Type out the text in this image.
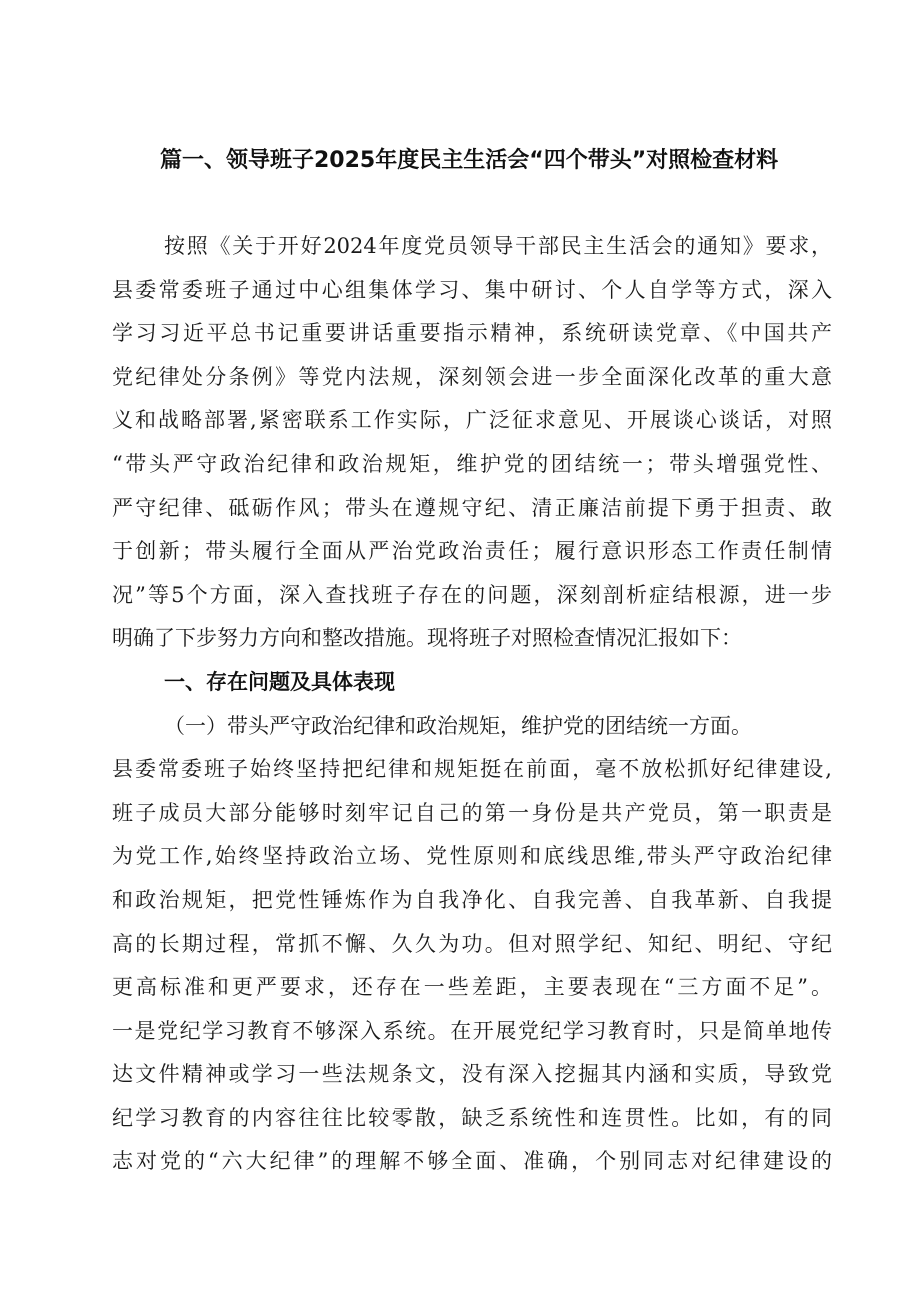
篇一、领导班子2025年度民主生活会“四个带头”对照检查材料
按照《关于开好2024年度党员领导干部民主生活会的通知》要求，
县委常委班子通过中心组集体学习、集中研讨、个人自学等方式，深入
学习习近平总书记重要讲话重要指示精神，系统研读党章、《中国共产
党纪律处分条例》等党内法规，深刻领会进一步全面深化改革的重大意
义和战略部署,紧密联系工作实际，广泛征求意见、开展谈心谈话，对照
“带头严守政治纪律和政治规矩，维护党的团结统一；带头增强党性、
严守纪律、砥砺作风；带头在遵规守纪、清正廉洁前提下勇于担责、敢
于创新；带头履行全面从严治党政治责任；履行意识形态工作责任制情
况”等5个方面，深入查找班子存在的问题，深刻剖析症结根源，进一步
明确了下步努力方向和整改措施。现将班子对照检查情况汇报如下：
一、存在问题及具体表现
（一）带头严守政治纪律和政治规矩，维护党的团结统一方面。
县委常委班子始终坚持把纪律和规矩挺在前面，毫不放松抓好纪律建设,
班子成员大部分能够时刻牢记自己的第一身份是共产党员，第一职责是
为党工作,始终坚持政治立场、党性原则和底线思维,带头严守政治纪律
和政治规矩，把党性锤炼作为自我净化、自我完善、自我革新、自我提
高的长期过程，常抓不懈、久久为功。但对照学纪、知纪、明纪、守纪
更高标准和更严要求，还存在一些差距，主要表现在“三方面不足”。
一是党纪学习教育不够深入系统。在开展党纪学习教育时，只是简单地传
达文件精神或学习一些法规条文，没有深入挖掘其内涵和实质，导致党
纪学习教育的内容往往比较零散，缺乏系统性和连贯性。比如，有的同
志对党的“六大纪律”的理解不够全面、准确，个别同志对纪律建设的
